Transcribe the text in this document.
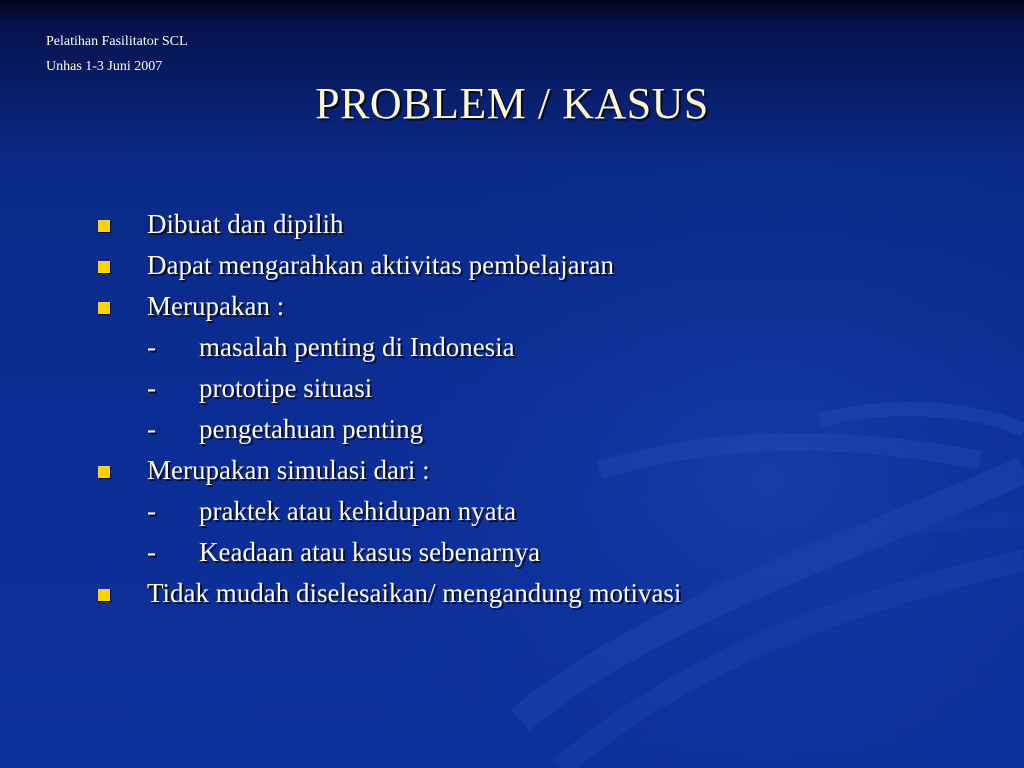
Pelatihan Fasilitator SCL
Unhas 1-3 Juni 2007
PROBLEM / KASUS
Dibuat dan dipilih
Dapat mengarahkan aktivitas pembelajaran
Merupakan :
- masalah penting di Indonesia
- prototipe situasi
- pengetahuan penting
Merupakan simulasi dari :
- praktek atau kehidupan nyata
- Keadaan atau kasus sebenarnya
Tidak mudah diselesaikan/ mengandung motivasi
